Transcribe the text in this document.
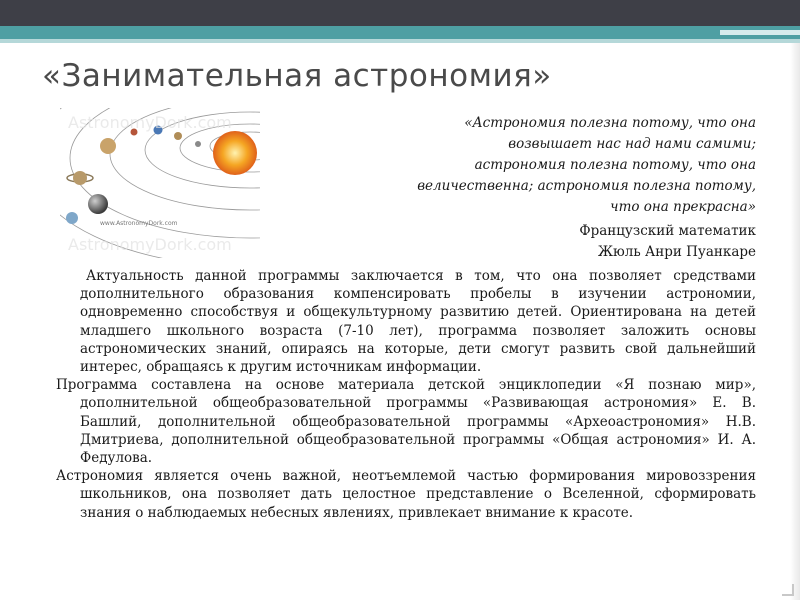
«Занимательная астрономия»
AstronomyDork.com
AstronomyDork.com
www.AstronomyDork.com

«Астрономия полезна потому, что она
возвышает нас над нами самими;
астрономия полезна потому, что она
величественна; астрономия полезна потому,
что она прекрасна»

Французский математик
Жюль Анри Пуанкаре

Актуальность данной программы заключается в том, что она позволяет средствами дополнительного образования компенсировать пробелы в изучении астрономии, одновременно способствуя и общекультурному развитию детей. Ориентирована на детей младшего школьного возраста (7-10 лет), программа позволяет заложить основы астрономических знаний, опираясь на которые, дети смогут развить свой дальнейший интерес, обращаясь к другим источникам информации.

Программа составлена на основе материала детской энциклопедии «Я познаю мир», дополнительной общеобразовательной программы «Развивающая астрономия» Е. В. Башлий, дополнительной общеобразовательной программы «Археоастрономия» Н.В. Дмитриева, дополнительной общеобразовательной программы «Общая астрономия» И. А. Федулова.

Астрономия является очень важной, неотъемлемой частью формирования мировоззрения школьников, она позволяет дать целостное представление о Вселенной, сформировать знания о наблюдаемых небесных явлениях, привлекает внимание к красоте.
